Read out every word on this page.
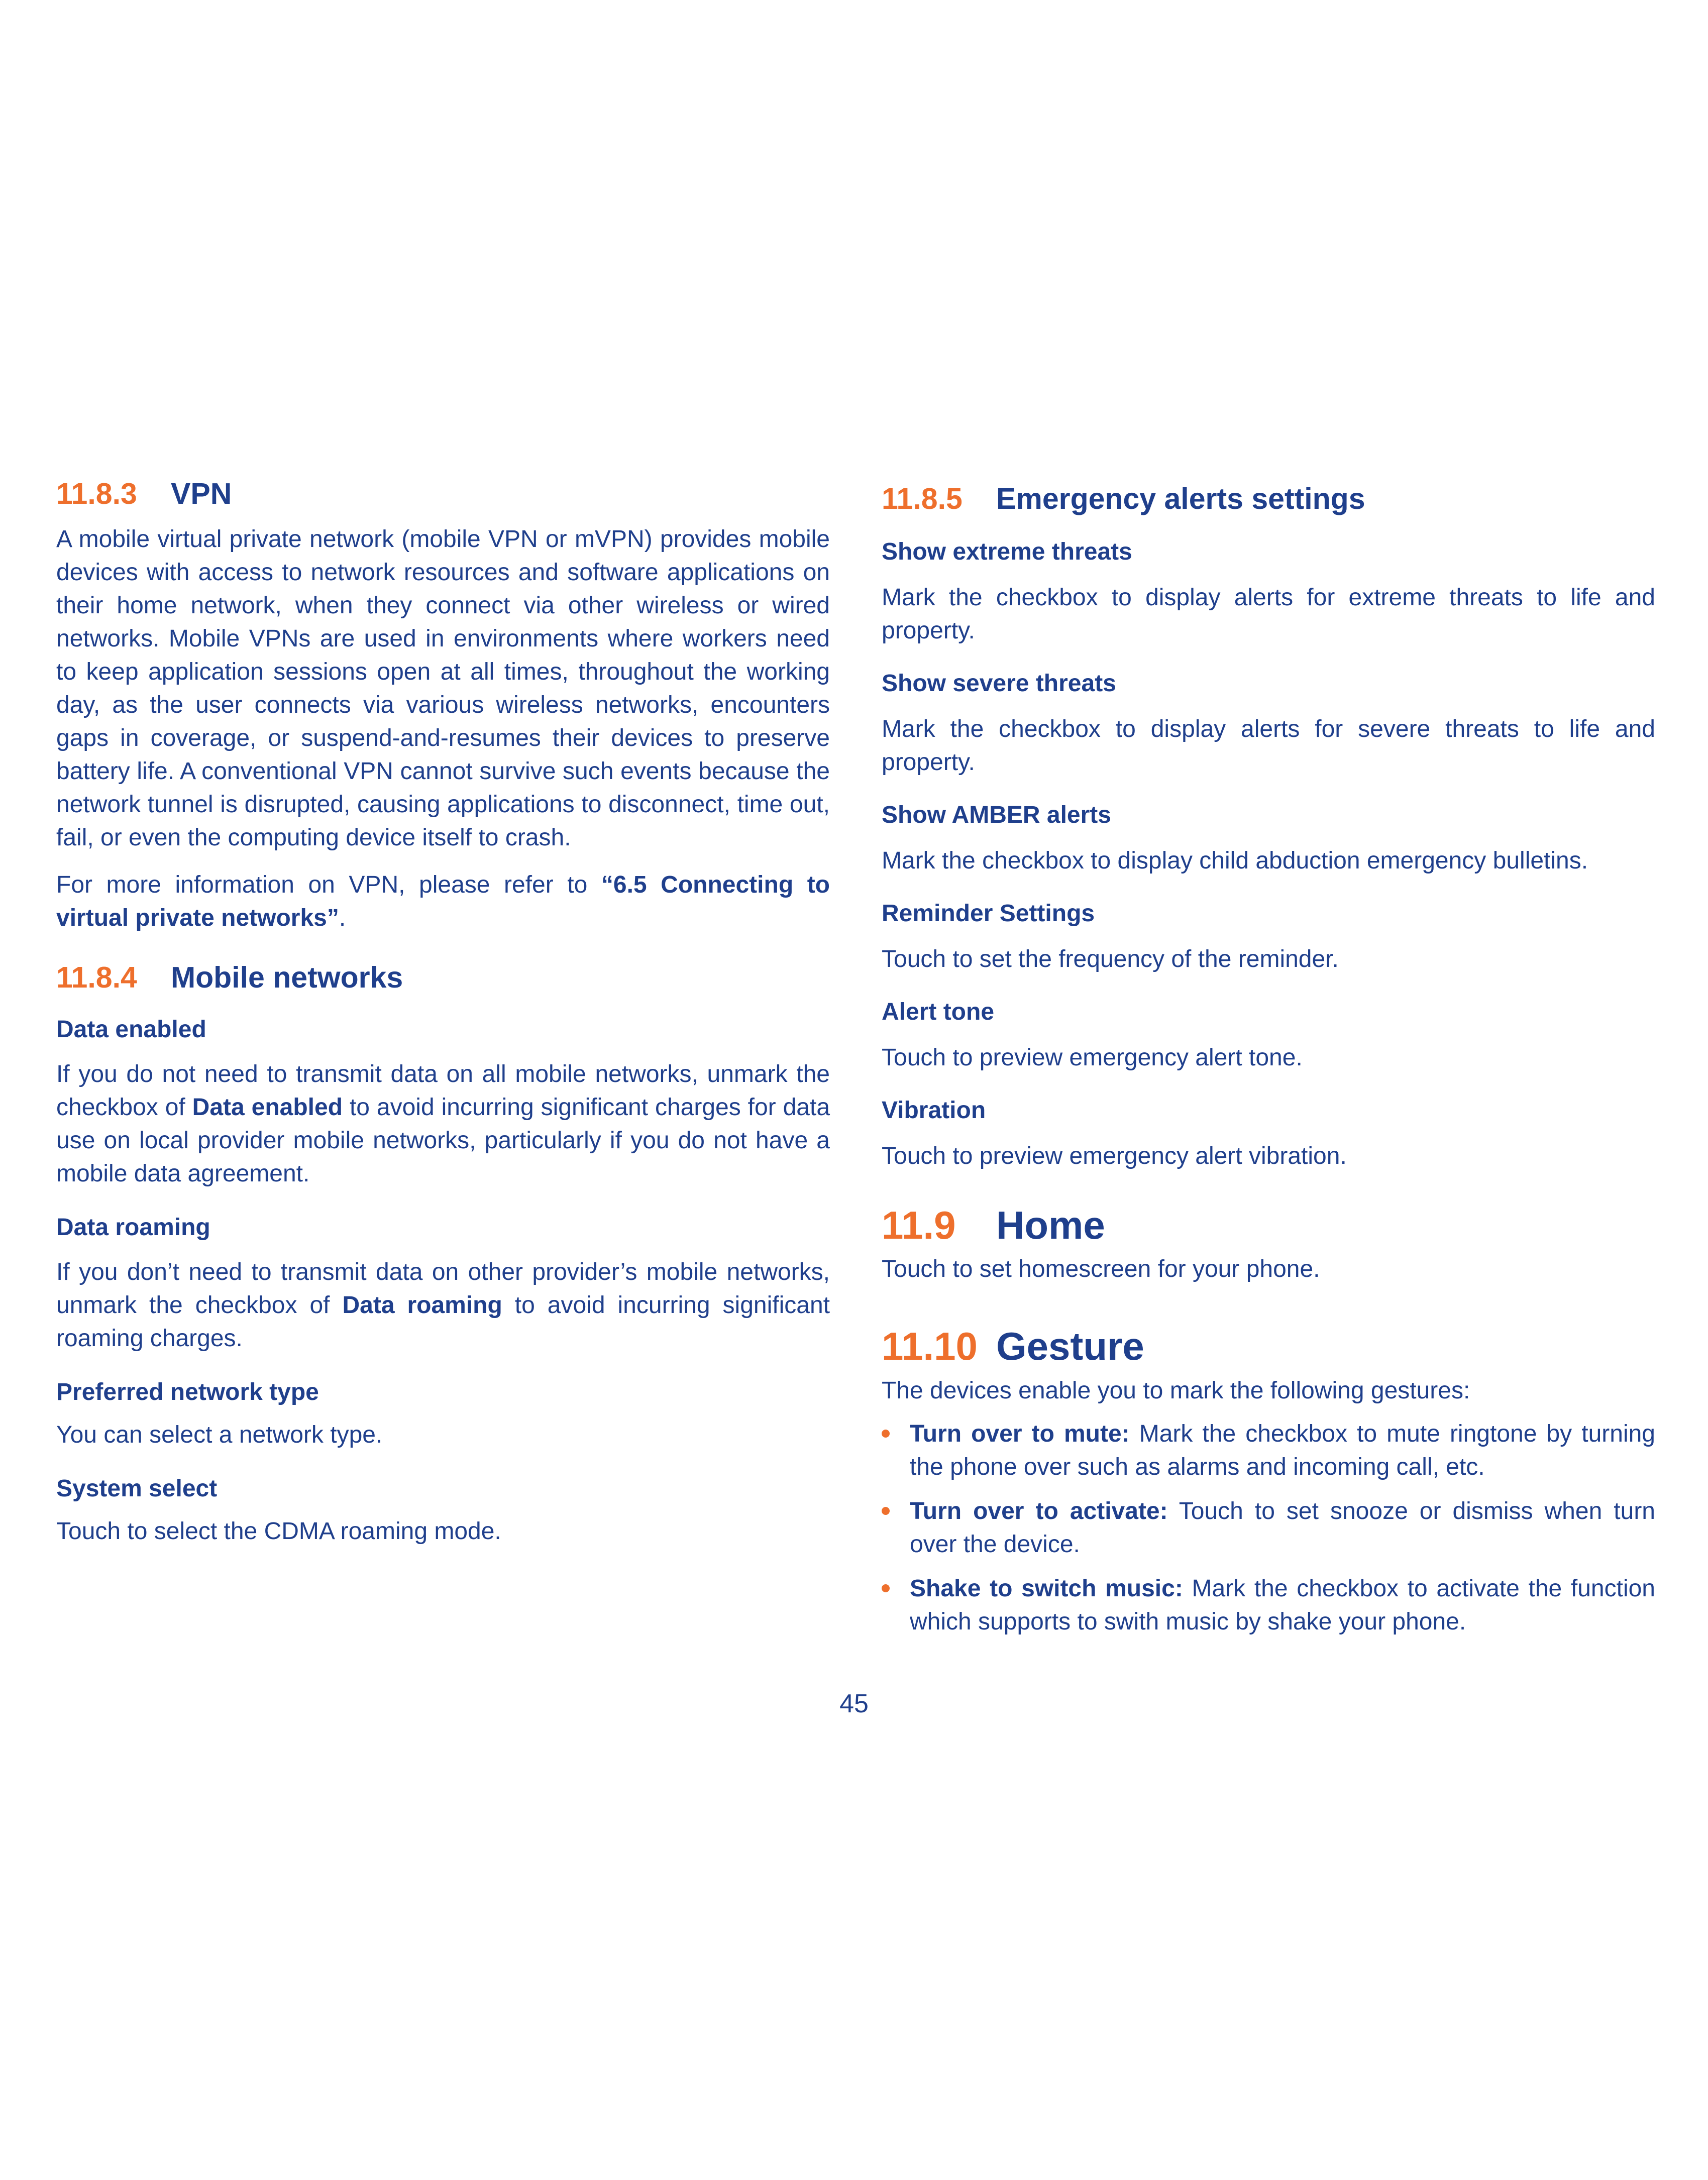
11.8.3	VPN

A mobile virtual private network (mobile VPN or mVPN) provides mobile devices with access to network resources and software applications on their home network, when they connect via other wireless or wired networks. Mobile VPNs are used in environments where workers need to keep application sessions open at all times, throughout the working day, as the user connects via various wireless networks, encounters gaps in coverage, or suspend-and-resumes their devices to preserve battery life. A conventional VPN cannot survive such events because the network tunnel is disrupted, causing applications to disconnect, time out, fail, or even the computing device itself to crash.

For more information on VPN, please refer to “6.5 Connecting to virtual private networks”.

11.8.4	Mobile networks
Data enabled

If you do not need to transmit data on all mobile networks, unmark the checkbox of Data enabled to avoid incurring significant charges for data use on local provider mobile networks, particularly if you do not have a mobile data agreement.

Data roaming

If you don’t need to transmit data on other provider’s mobile networks, unmark the checkbox of Data roaming to avoid incurring significant roaming charges.

Preferred network type

You can select a network type.

System select

Touch to select the CDMA roaming mode.

11.8.5	Emergency alerts settings
Show extreme threats

Mark the checkbox to display alerts for extreme threats to life and property.

Show severe threats

Mark the checkbox to display alerts for severe threats to life and property.

Show AMBER alerts

Mark the checkbox to display child abduction emergency bulletins.

Reminder Settings

Touch to set the frequency of the reminder.

Alert tone

Touch to preview emergency alert tone.

Vibration

Touch to preview emergency alert vibration.

11.9	Home

Touch to set homescreen for your phone.

11.10 Gesture

The devices enable you to mark the following gestures:

Turn over to mute: Mark the checkbox to mute ringtone by turning the phone over such as alarms and incoming call, etc.
Turn over to activate: Touch to set snooze or dismiss when turn over the device.
Shake to switch music: Mark the checkbox to activate the function which supports to swith music by shake your phone.
45
